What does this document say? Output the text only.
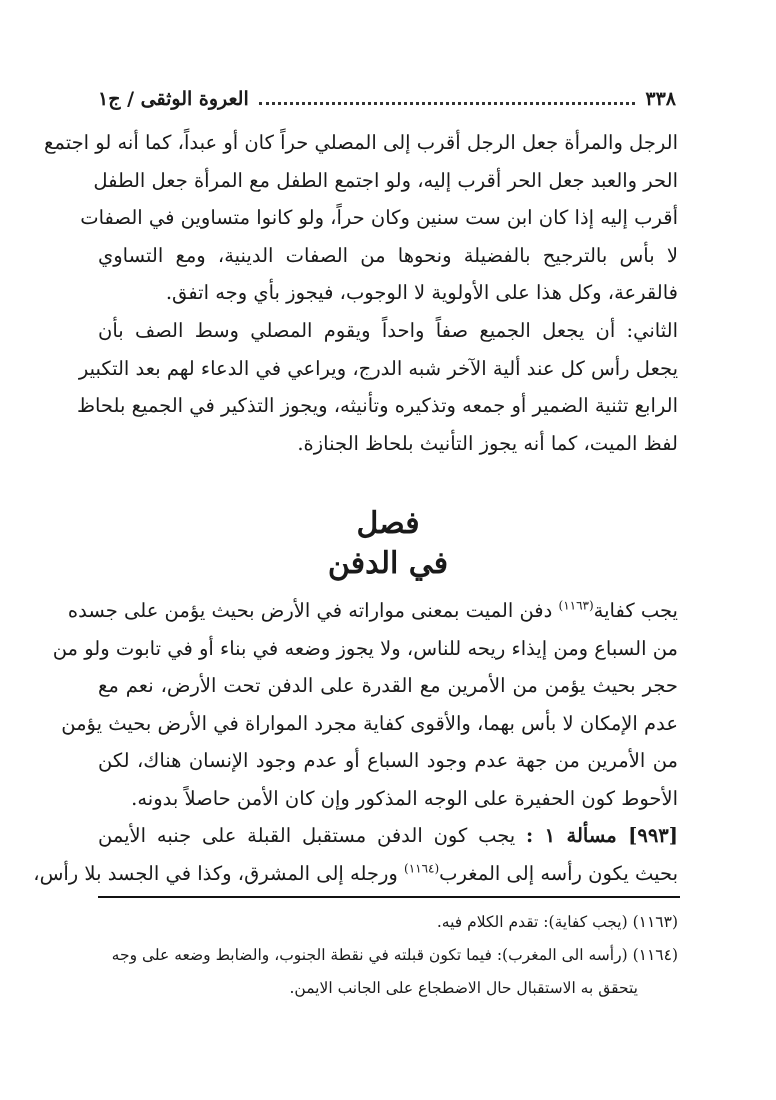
٣٣٨
العروة الوثقى / ج١
الرجل والمرأة جعل الرجل أقرب إلى المصلي حراً كان أو عبداً، كما أنه لو اجتمع
الحر والعبد جعل الحر أقرب إليه، ولو اجتمع الطفل مع المرأة جعل الطفل
أقرب إليه إذا كان ابن ست سنين وكان حراً، ولو كانوا متساوين في الصفات
لا بأس بالترجيح بالفضيلة ونحوها من الصفات الدينية، ومع التساوي
فالقرعة، وكل هذا على الأولوية لا الوجوب، فيجوز بأي وجه اتفق.
الثاني: أن يجعل الجميع صفاً واحداً ويقوم المصلي وسط الصف بأن
يجعل رأس كل عند ألية الآخر شبه الدرج، ويراعي في الدعاء لهم بعد التكبير
الرابع تثنية الضمير أو جمعه وتذكيره وتأنيثه، ويجوز التذكير في الجميع بلحاظ
لفظ الميت، كما أنه يجوز التأنيث بلحاظ الجنازة.
فصل
في الدفن
يجب كفاية$^{(١١٦٣)}$ دفن الميت بمعنى مواراته في الأرض بحيث يؤمن على جسده
من السباع ومن إيذاء ريحه للناس، ولا يجوز وضعه في بناء أو في تابوت ولو من
حجر بحيث يؤمن من الأمرين مع القدرة على الدفن تحت الأرض، نعم مع
عدم الإمكان لا بأس بهما، والأقوى كفاية مجرد المواراة في الأرض بحيث يؤمن
من الأمرين من جهة عدم وجود السباع أو عدم وجود الإنسان هناك، لكن
الأحوط كون الحفيرة على الوجه المذكور وإن كان الأمن حاصلاً بدونه.
[٩٩٣] مسألة ١ : يجب كون الدفن مستقبل القبلة على جنبه الأيمن
بحيث يكون رأسه إلى المغرب$^{(١١٦٤)}$ ورجله إلى المشرق، وكذا في الجسد بلا رأس،
(١١٦٣) (يجب كفاية): تقدم الكلام فيه.
(١١٦٤) (رأسه الى المغرب): فيما تكون قبلته في نقطة الجنوب، والضابط وضعه على وجه
يتحقق به الاستقبال حال الاضطجاع على الجانب الايمن.
